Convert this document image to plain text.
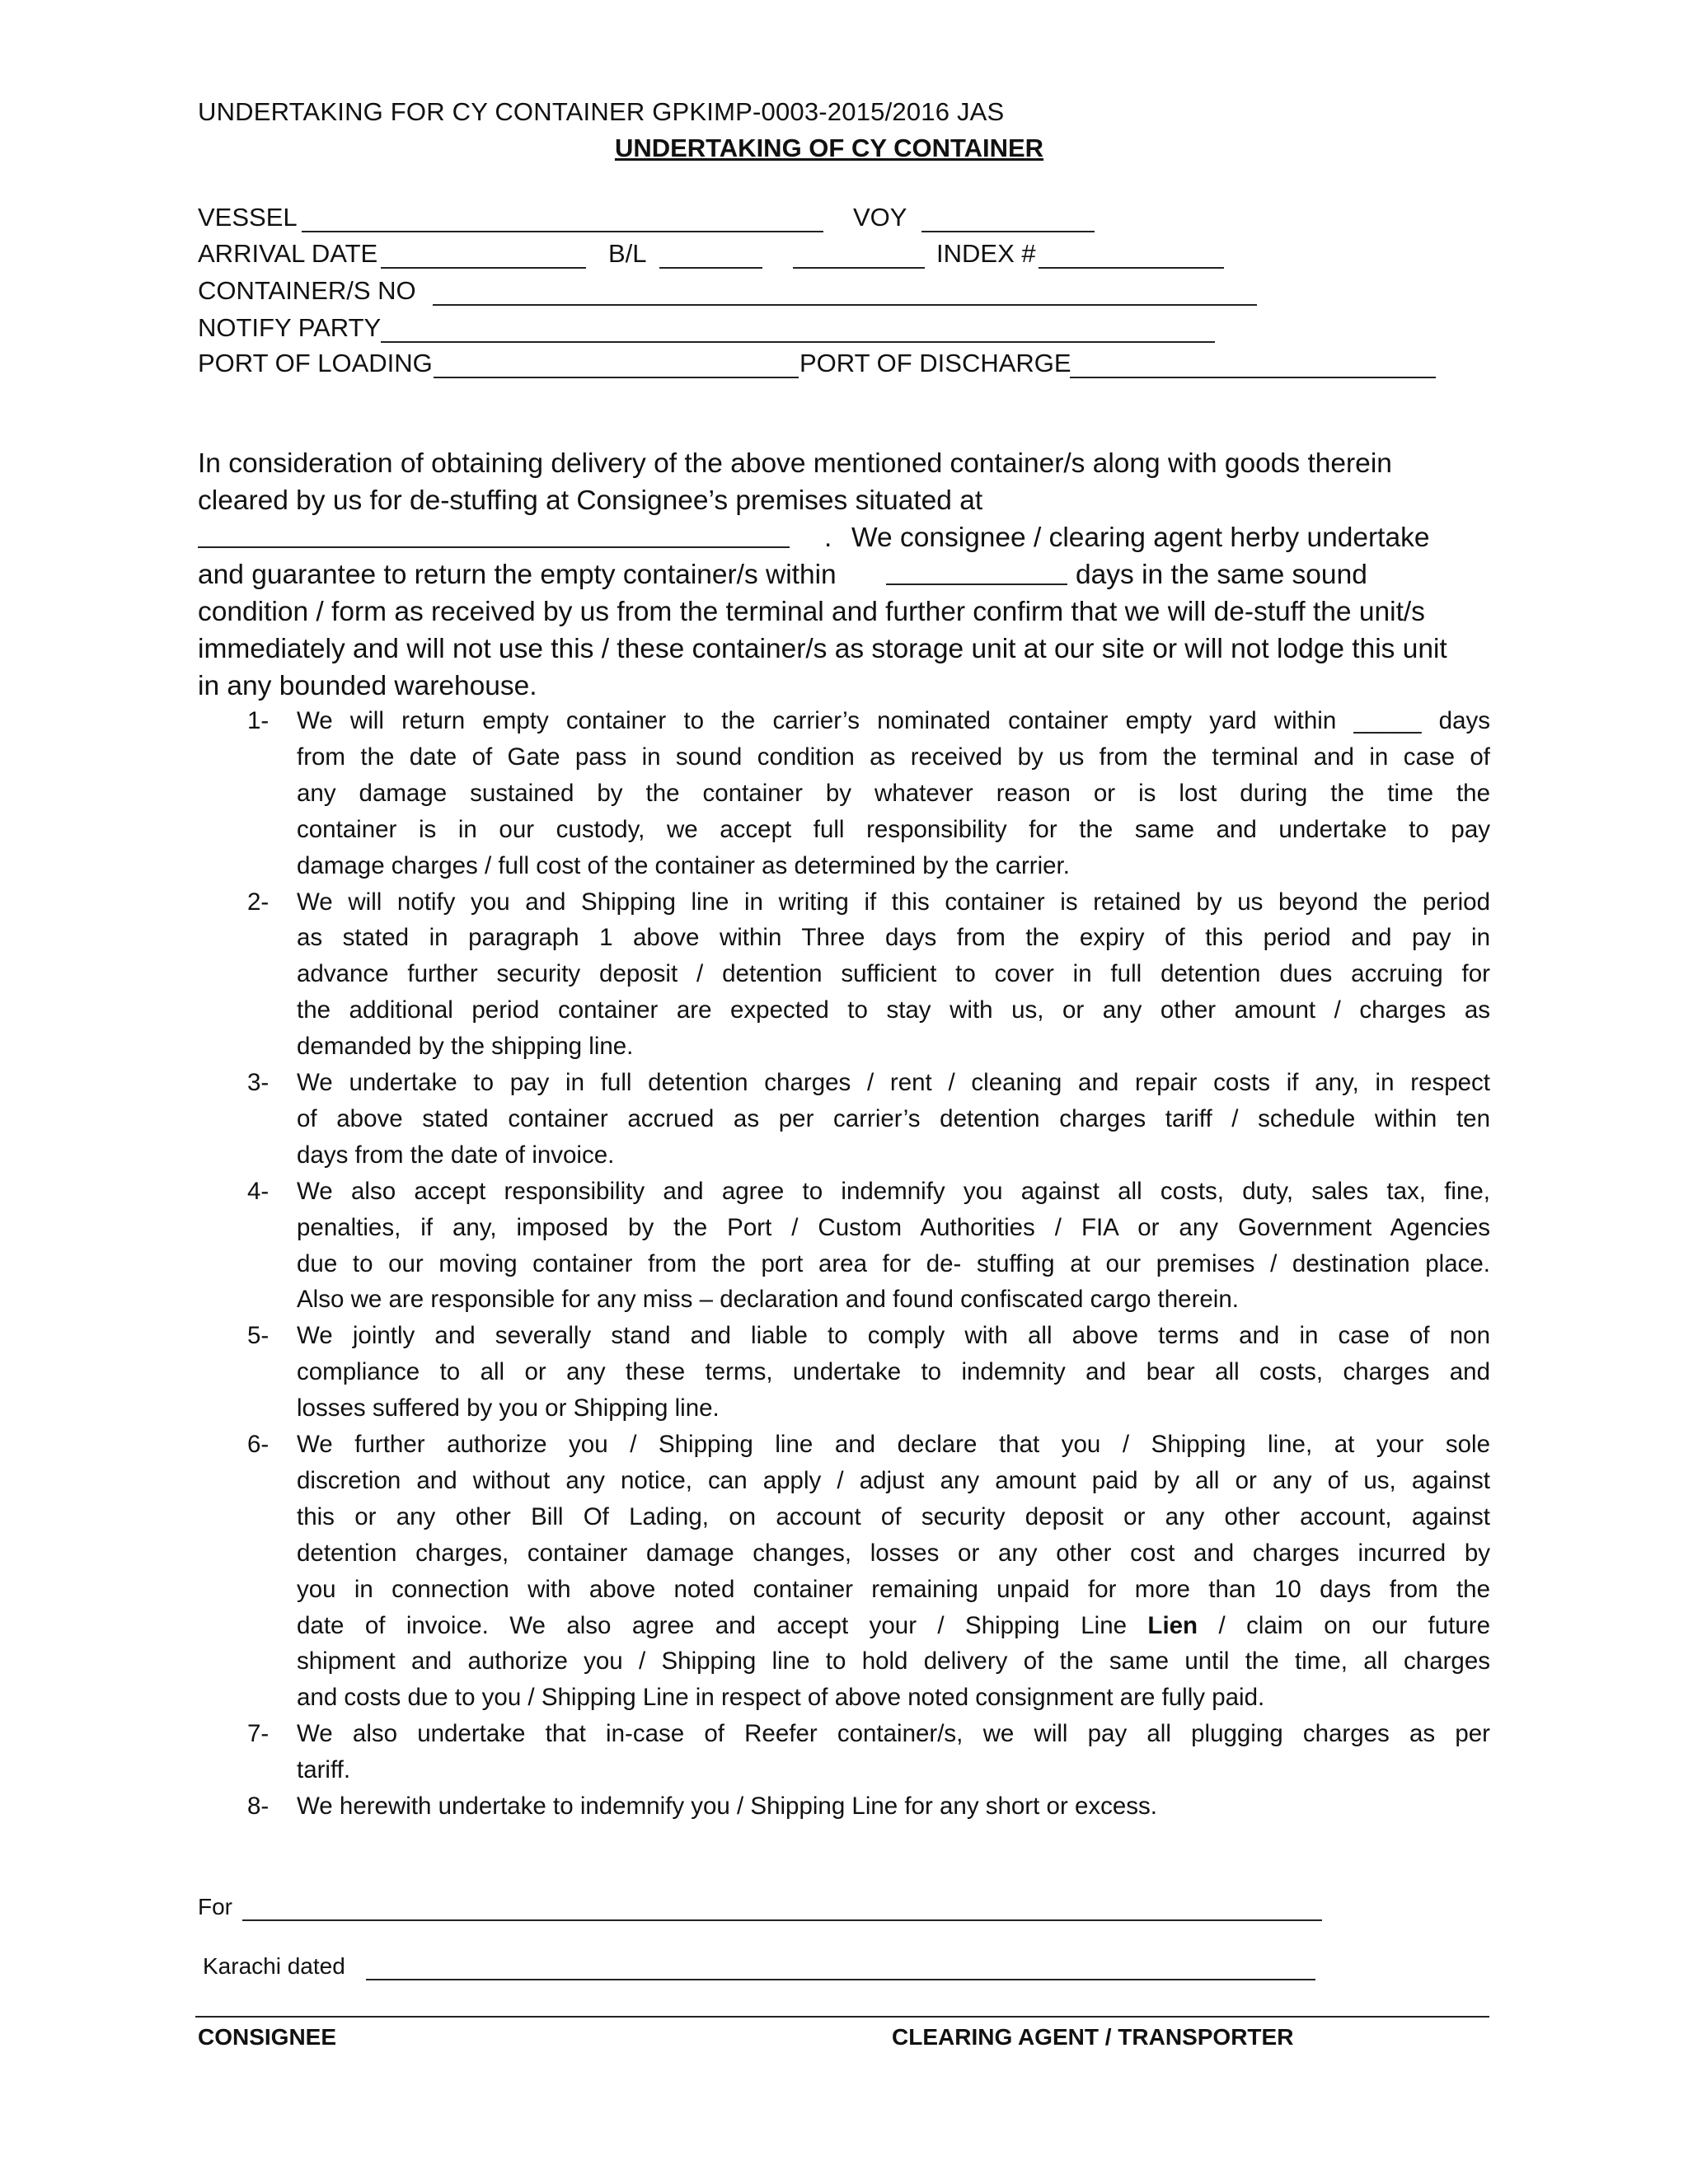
UNDERTAKING FOR CY CONTAINER GPKIMP-0003-2015/2016 JAS
UNDERTAKING OF CY CONTAINER
VESSEL	VOY
ARRIVAL DATE	B/L	INDEX #
CONTAINER/S NO
NOTIFY PARTY
PORT OF LOADING	PORT OF DISCHARGE
In consideration of obtaining delivery of the above mentioned container/s along with goods therein
cleared by us for de-stuffing at Consignee’s premises situated at
. We consignee / clearing agent herby undertake
and guarantee to return the empty container/s within	days in the same sound
condition / form as received by us from the terminal and further confirm that we will de-stuff the unit/s
immediately and will not use this / these container/s as storage unit at our site or will not lodge this unit
in any bounded warehouse.
1- We will return empty container to the carrier’s nominated container empty yard within _____ days
from the date of Gate pass in sound condition as received by us from the terminal and in case of
any damage sustained by the container by whatever reason or is lost during the time the
container is in our custody, we accept full responsibility for the same and undertake to pay
damage charges / full cost of the container as determined by the carrier.
2- We will notify you and Shipping line in writing if this container is retained by us beyond the period
as stated in paragraph 1 above within Three days from the expiry of this period and pay in
advance further security deposit / detention sufficient to cover in full detention dues accruing for
the additional period container are expected to stay with us, or any other amount / charges as
demanded by the shipping line.
3- We undertake to pay in full detention charges / rent / cleaning and repair costs if any, in respect
of above stated container accrued as per carrier’s detention charges tariff / schedule within ten
days from the date of invoice.
4- We also accept responsibility and agree to indemnify you against all costs, duty, sales tax, fine,
penalties, if any, imposed by the Port / Custom Authorities / FIA or any Government Agencies
due to our moving container from the port area for de- stuffing at our premises / destination place.
Also we are responsible for any miss – declaration and found confiscated cargo therein.
5- We jointly and severally stand and liable to comply with all above terms and in case of non
compliance to all or any these terms, undertake to indemnity and bear all costs, charges and
losses suffered by you or Shipping line.
6- We further authorize you / Shipping line and declare that you / Shipping line, at your sole
discretion and without any notice, can apply / adjust any amount paid by all or any of us, against
this or any other Bill Of Lading, on account of security deposit or any other account, against
detention charges, container damage changes, losses or any other cost and charges incurred by
you in connection with above noted container remaining unpaid for more than 10 days from the
date of invoice. We also agree and accept your / Shipping Line Lien / claim on our future
shipment and authorize you / Shipping line to hold delivery of the same until the time, all charges
and costs due to you / Shipping Line in respect of above noted consignment are fully paid.
7- We also undertake that in-case of Reefer container/s, we will pay all plugging charges as per
tariff.
8- We herewith undertake to indemnify you / Shipping Line for any short or excess.
For
Karachi dated
CONSIGNEE	CLEARING AGENT / TRANSPORTER
